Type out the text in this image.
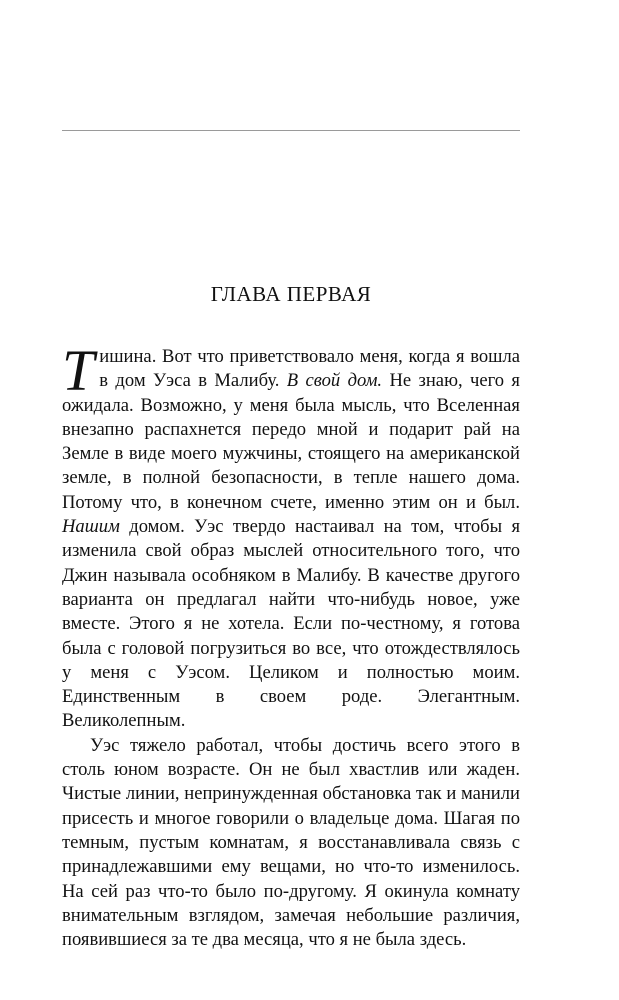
ГЛАВА ПЕРВАЯ

Тишина. Вот что приветствовало меня, когда я вошла в дом Уэса в Малибу. В свой дом. Не знаю, чего я ожидала. Возможно, у меня была мысль, что Вселенная внезапно распахнется передо мной и подарит рай на Земле в виде моего мужчины, стоящего на американской земле, в полной безопасности, в тепле нашего дома. Потому что, в конечном счете, именно этим он и был. Нашим домом. Уэс твердо настаивал на том, чтобы я изменила свой образ мыслей относительного того, что Джин называла особняком в Малибу. В качестве другого варианта он предлагал найти что-нибудь новое, уже вместе. Этого я не хотела. Если по-честному, я готова была с головой погрузиться во все, что отождествлялось у меня с Уэсом. Целиком и полностью моим. Единственным в своем роде. Элегантным. Великолепным.

Уэс тяжело работал, чтобы достичь всего этого в столь юном возрасте. Он не был хвастлив или жаден. Чистые линии, непринужденная обстановка так и манили присесть и многое говорили о владельце дома. Шагая по темным, пустым комнатам, я восстанавливала связь с принадлежавшими ему вещами, но что-то изменилось. На сей раз что-то было по-другому. Я окинула комнату внимательным взглядом, замечая небольшие различия, появившиеся за те два месяца, что я не была здесь.
